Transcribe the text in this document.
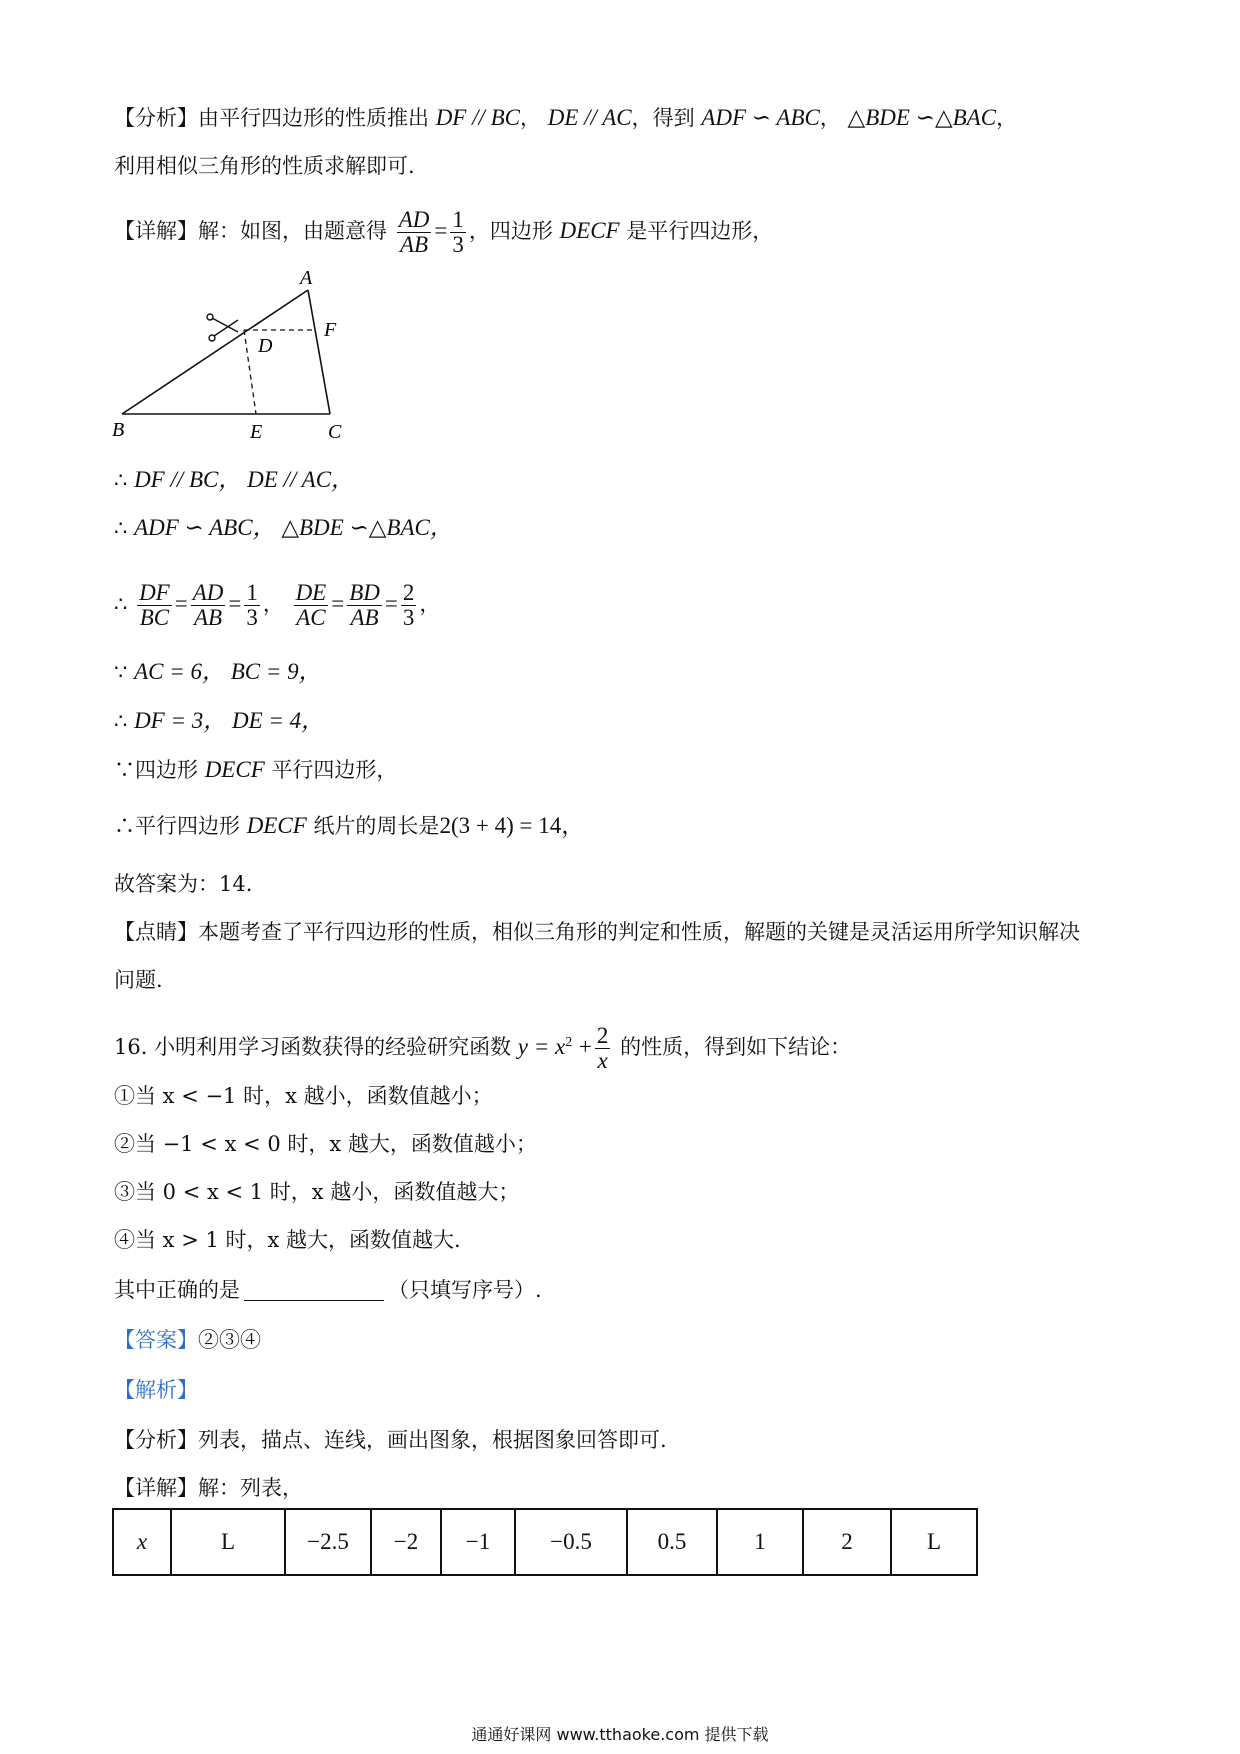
【分析】由平行四边形的性质推出 DF // BC， DE // AC，得到 ADF ∽ ABC， △BDE ∽△BAC，
利用相似三角形的性质求解即可.
【详解】解：如图，由题意得 $\frac{AD}{AB} = \frac{1}{3}$ ，四边形 DECF 是平行四边形，
A
F
D
B	E	C
∴ DF // BC， DE // AC，
∴ ADF ∽ ABC， △BDE ∽△BAC，
∴ $\frac{DF}{BC} = \frac{AD}{AB} = \frac{1}{3}$ ， $\frac{DE}{AC} = \frac{BD}{AB} = \frac{2}{3}$ ，
∵ AC = 6， BC = 9，
∴ DF = 3， DE = 4，
∵四边形 DECF 平行四边形，
∴平行四边形 DECF 纸片的周长是2(3 + 4) = 14，
故答案为：14.
【点睛】本题考查了平行四边形的性质，相似三角形的判定和性质，解题的关键是灵活运用所学知识解决
问题.
16. 小明利用学习函数获得的经验研究函数 $y = x^2 + \frac{2}{x}$ 的性质，得到如下结论：
①当 x < −1 时，x 越小，函数值越小；
②当 −1 < x < 0 时，x 越大，函数值越小；
③当 0 < x < 1 时，x 越小，函数值越大；
④当 x > 1 时，x 越大，函数值越大.
其中正确的是	（只填写序号）.
【答案】②③④
【解析】
【分析】列表，描点、连线，画出图象，根据图象回答即可.
【详解】解：列表，
x	L	−2.5	−2	−1	−0.5	0.5	1	2	L
通通好课网 www.tthaoke.com 提供下载
